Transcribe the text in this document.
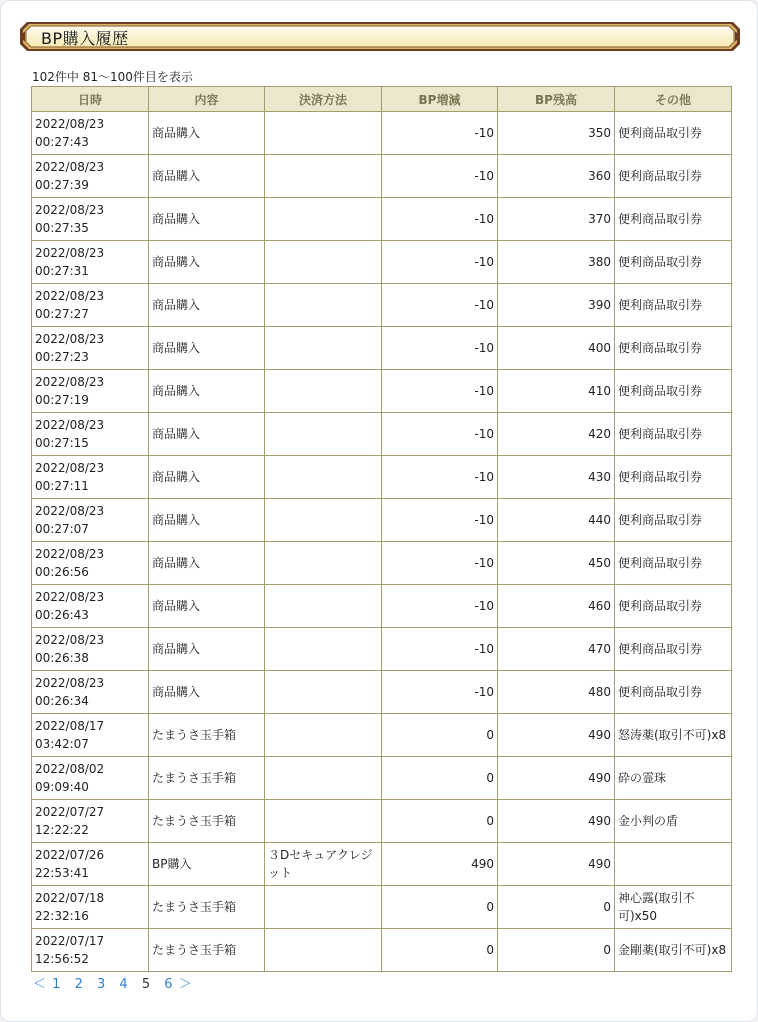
BP購入履歴
102件中 81～100件目を表示
日時	内容	決済方法	BP増減	BP残高	その他
2022/08/23
00:27:43	商品購入		-10	350	便利商品取引券
2022/08/23
00:27:39	商品購入		-10	360	便利商品取引券
2022/08/23
00:27:35	商品購入		-10	370	便利商品取引券
2022/08/23
00:27:31	商品購入		-10	380	便利商品取引券
2022/08/23
00:27:27	商品購入		-10	390	便利商品取引券
2022/08/23
00:27:23	商品購入		-10	400	便利商品取引券
2022/08/23
00:27:19	商品購入		-10	410	便利商品取引券
2022/08/23
00:27:15	商品購入		-10	420	便利商品取引券
2022/08/23
00:27:11	商品購入		-10	430	便利商品取引券
2022/08/23
00:27:07	商品購入		-10	440	便利商品取引券
2022/08/23
00:26:56	商品購入		-10	450	便利商品取引券
2022/08/23
00:26:43	商品購入		-10	460	便利商品取引券
2022/08/23
00:26:38	商品購入		-10	470	便利商品取引券
2022/08/23
00:26:34	商品購入		-10	480	便利商品取引券
2022/08/17
03:42:07	たまうさ玉手箱		0	490	怒涛薬(取引不可)x8
2022/08/02
09:09:40	たまうさ玉手箱		0	490	砕の霊珠
2022/07/27
12:22:22	たまうさ玉手箱		0	490	金小判の盾
2022/07/26
22:53:41	BP購入	３Dセキュアクレジット	490	490	
2022/07/18
22:32:16	たまうさ玉手箱		0	0	神心露(取引不可)x50
2022/07/17
12:56:52	たまうさ玉手箱		0	0	金剛薬(取引不可)x8
＜ 1 2 3 4 5 6 ＞
